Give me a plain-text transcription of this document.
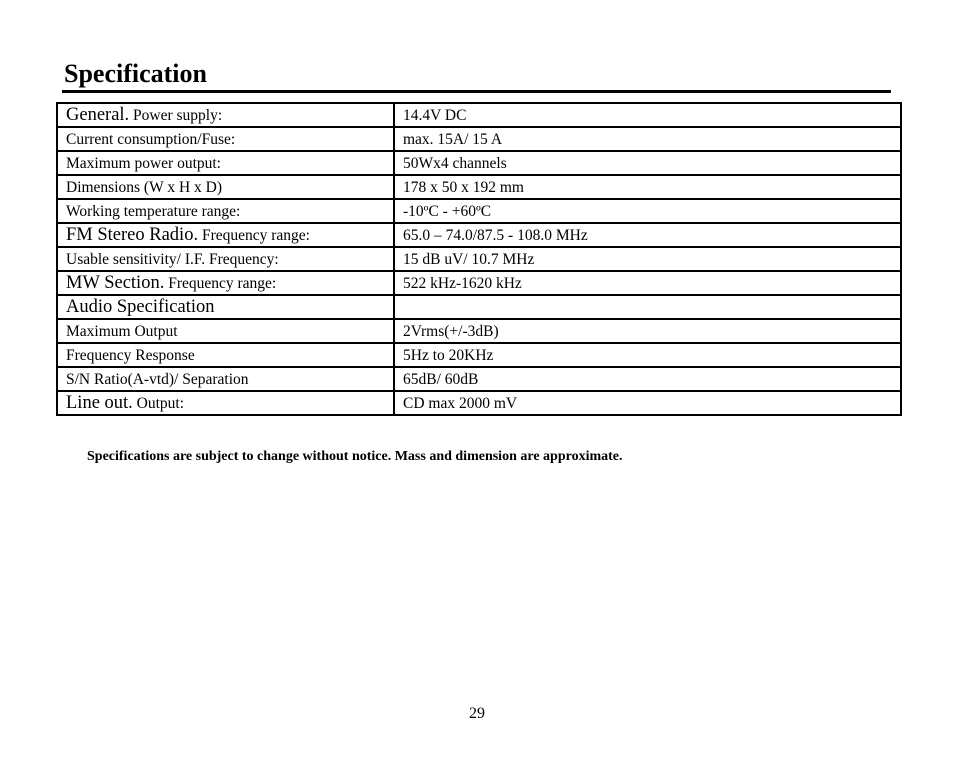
Specification
General. Power supply:	14.4V DC
Current consumption/Fuse:	max. 15A/ 15 A
Maximum power output:	50Wx4 channels
Dimensions (W x H x D)	178 x 50 x 192 mm
Working temperature range:	-10ºC - +60ºC
FM Stereo Radio. Frequency range:	65.0 – 74.0/87.5 - 108.0 MHz
Usable sensitivity/ I.F. Frequency:	15 dB uV/ 10.7 MHz
MW Section. Frequency range:	522 kHz-1620 kHz
Audio Specification	
Maximum Output	2Vrms(+/-3dB)
Frequency Response	5Hz to 20KHz
S/N Ratio(A-vtd)/ Separation	65dB/ 60dB
Line out. Output:	CD max 2000 mV

Specifications are subject to change without notice. Mass and dimension are approximate.

29
